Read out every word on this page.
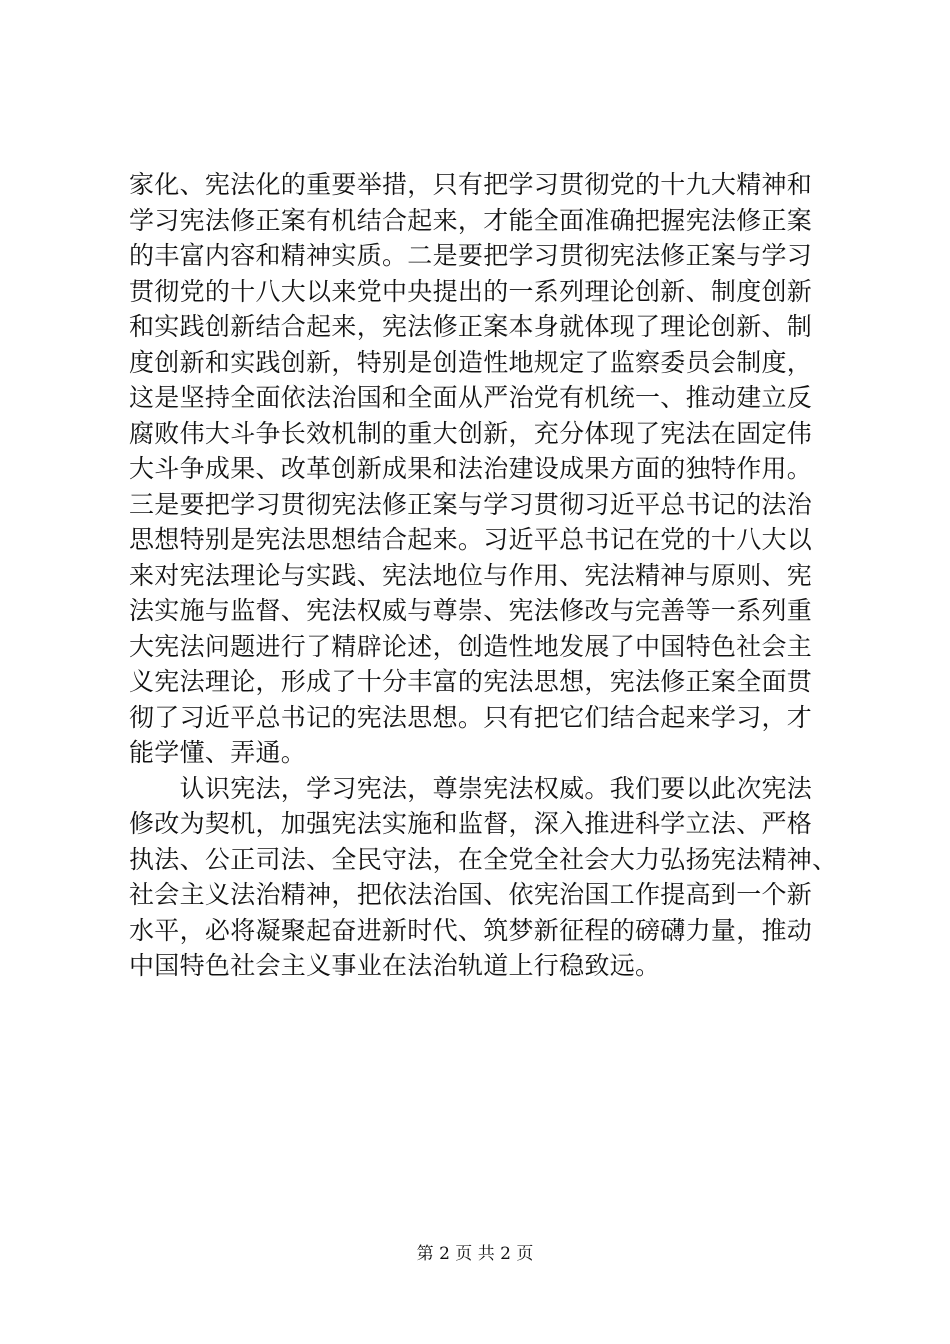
家化、宪法化的重要举措，只有把学习贯彻党的十九大精神和
学习宪法修正案有机结合起来，才能全面准确把握宪法修正案
的丰富内容和精神实质。二是要把学习贯彻宪法修正案与学习
贯彻党的十八大以来党中央提出的一系列理论创新、制度创新
和实践创新结合起来，宪法修正案本身就体现了理论创新、制
度创新和实践创新，特别是创造性地规定了监察委员会制度，
这是坚持全面依法治国和全面从严治党有机统一、推动建立反
腐败伟大斗争长效机制的重大创新，充分体现了宪法在固定伟
大斗争成果、改革创新成果和法治建设成果方面的独特作用。
三是要把学习贯彻宪法修正案与学习贯彻习近平总书记的法治
思想特别是宪法思想结合起来。习近平总书记在党的十八大以
来对宪法理论与实践、宪法地位与作用、宪法精神与原则、宪
法实施与监督、宪法权威与尊崇、宪法修改与完善等一系列重
大宪法问题进行了精辟论述，创造性地发展了中国特色社会主
义宪法理论，形成了十分丰富的宪法思想，宪法修正案全面贯
彻了习近平总书记的宪法思想。只有把它们结合起来学习，才
能学懂、弄通。
　　认识宪法，学习宪法，尊崇宪法权威。我们要以此次宪法
修改为契机，加强宪法实施和监督，深入推进科学立法、严格
执法、公正司法、全民守法，在全党全社会大力弘扬宪法精神、
社会主义法治精神，把依法治国、依宪治国工作提高到一个新
水平，必将凝聚起奋进新时代、筑梦新征程的磅礴力量，推动
中国特色社会主义事业在法治轨道上行稳致远。
第 2 页 共 2 页
